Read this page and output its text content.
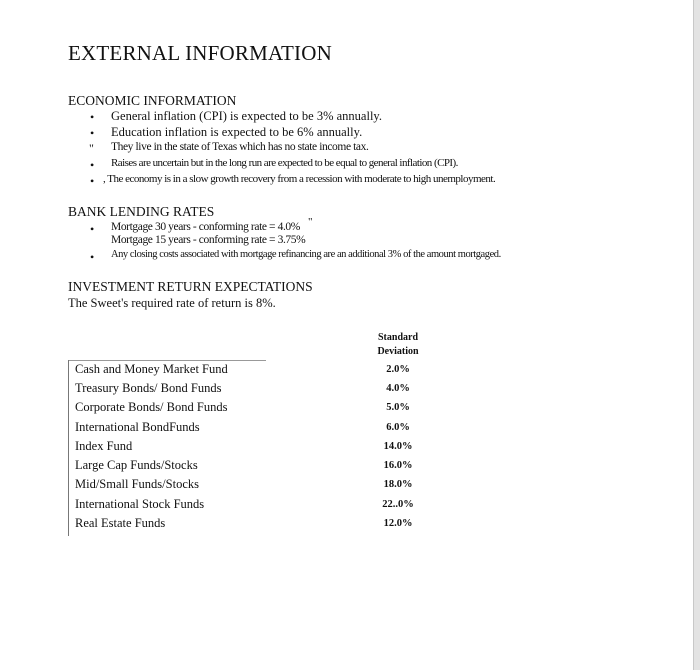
EXTERNAL INFORMATION
ECONOMIC INFORMATION
• General inflation (CPI) is expected to be 3% annually.
• Education inflation is expected to be 6% annually.
" They live in the state of Texas which has no state income tax.
• Raises are uncertain but in the long run are expected to be equal to general inflation (CPI).
• , The economy is in a slow growth recovery from a recession with moderate to high unemployment.
BANK LENDING RATES
• Mortgage 30 years - conforming rate = 4.0% "
Mortgage 15 years - conforming rate = 3.75%
• Any closing costs associated with mortgage refinancing are an additional 3% of the amount mortgaged.
INVESTMENT RETURN EXPECTATIONS
The Sweet's required rate of return is 8%.
Standard
Deviation
Cash and Money Market Fund	2.0%
Treasury Bonds/ Bond Funds	4.0%
Corporate Bonds/ Bond Funds	5.0%
International BondFunds	6.0%
Index Fund	14.0%
Large Cap Funds/Stocks	16.0%
Mid/Small Funds/Stocks	18.0%
International Stock Funds	22..0%
Real Estate Funds	12.0%
